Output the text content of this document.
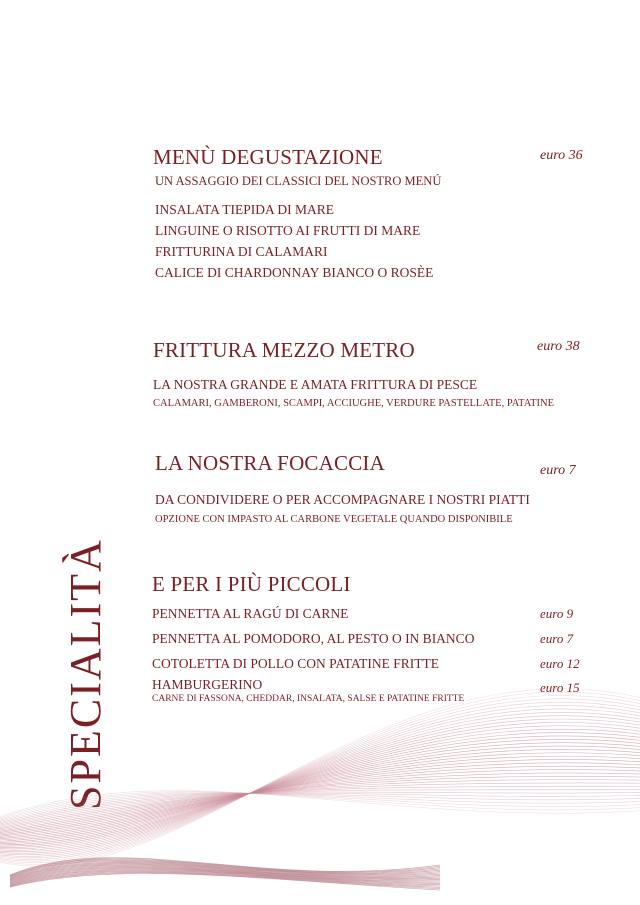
SPECIALITÀ
MENÙ DEGUSTAZIONE	euro 36
UN ASSAGGIO DEI CLASSICI DEL NOSTRO MENÚ
INSALATA TIEPIDA DI MARE
LINGUINE O RISOTTO AI FRUTTI DI MARE
FRITTURINA DI CALAMARI
CALICE DI CHARDONNAY BIANCO O ROSÈE
FRITTURA MEZZO METRO	euro 38
LA NOSTRA GRANDE E AMATA FRITTURA DI PESCE
CALAMARI, GAMBERONI, SCAMPI, ACCIUGHE, VERDURE PASTELLATE, PATATINE
LA NOSTRA FOCACCIA	euro 7
DA CONDIVIDERE O PER ACCOMPAGNARE I NOSTRI PIATTI
OPZIONE CON IMPASTO AL CARBONE VEGETALE QUANDO DISPONIBILE
E PER I PIÙ PICCOLI
PENNETTA AL RAGÚ DI CARNE	euro 9
PENNETTA AL POMODORO, AL PESTO O IN BIANCO	euro 7
COTOLETTA DI POLLO CON PATATINE FRITTE	euro 12
HAMBURGERINO	euro 15
CARNE DI FASSONA, CHEDDAR, INSALATA, SALSE E PATATINE FRITTE
